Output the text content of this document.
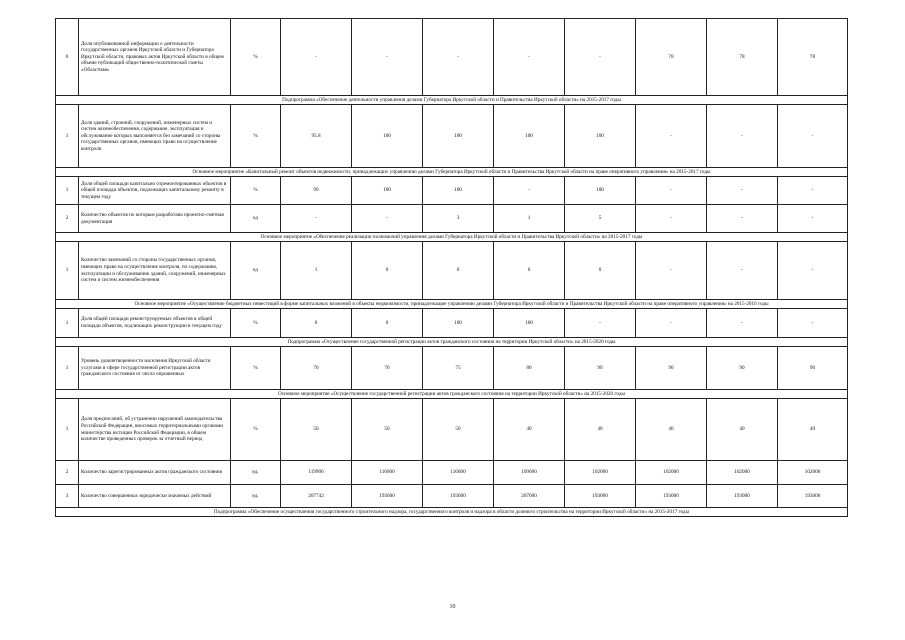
6	Доля опубликованной информации о деятельности государственных органов Иркутской области и Губернатора Иркутской области, правовых актов Иркутской области в общем объеме публикаций общественно-политической газеты «Областная»	%	-	-	-	-	-	78	78	78
Подпрограмма «Обеспечение деятельности управления делами Губернатора Иркутской области и Правительства Иркутской области» на 2015-2017 годы										
1	Доля зданий, строений, сооружений, инженерных систем и систем жизнеобеспечения, содержание, эксплуатация и обслуживание которых выполняется без замечаний со стороны государственных органов, имеющих право на осуществление контроля	%	95.8	100	100	100	100	-	-	-
Основное мероприятие «Капитальный ремонт объектов недвижимости, принадлежащих управлению делами Губернатора Иркутской области и Правительства Иркутской области на праве оперативного управления» на 2015-2017 годы										
1	Доля общей площади капитально отремонтированных объектов в общей площади объектов, подлежащих капитальному ремонту в текущем году	%	99	100	100	-	100	-	-	-
2	Количество объектов по которым разработана проектно-сметная документация	ед	-	-	3	1	5	-	-	-
Основное мероприятие «Обеспечение реализации полномочий управления делами Губернатора Иркутской области и Правительства Иркутской области» на 2015-2017 годы										
1	Количество замечаний со стороны государственных органов, имеющих право на осуществление контроля, по содержанию, эксплуатации и обслуживанию зданий, сооружений, инженерных систем и систем жизнеобеспечения	ед	1	0	0	0	0	-	-	-
Основное мероприятие «Осуществление бюджетных инвестиций в форме капитальных вложений в объекты недвижимости, принадлежащие управлению делами Губернатора Иркутской области и Правительства Иркутской области на праве оперативного управления» на 2015-2016 годы										
1	Доля общей площади реконструируемых объектов в общей площади объектов, подлежащих реконструкции в текущем году	%	0	0	100	100	-	-	-	-
Подпрограмма «Осуществление государственной регистрации актов гражданского состояния на территории Иркутской области» на 2015-2020 годы										
1	Уровень удовлетворенности населения Иркутской области услугами в сфере государственной регистрации актов гражданского состояния от числа опрошенных	%	70	70	75	80	90	90	90	90
Основное мероприятие «Осуществление государственной регистрации актов гражданского состояния на территории Иркутской области» на 2015-2020 годы										
1	Доля предписаний, об устранении нарушений законодательства Российской Федерации, вносимых территориальными органами министерства юстиции Российской Федерации, в общем количестве проведенных проверок за отчетный период	%	50	50	50	40	40	40	40	40
2	Количество зарегистрированных актов гражданского состояния	ед.	119906	116000	116000	109000	102000	102000	102000	102000
3	Количество совершенных юридически значимых действий	ед.	207742	193000	193000	207000	193000	193000	193000	193000
Подпрограмма «Обеспечение осуществления государственного строительного надзора, государственного контроля и надзора в области долевого строительства на территории Иркутской области» на 2015-2017 годы										
10
